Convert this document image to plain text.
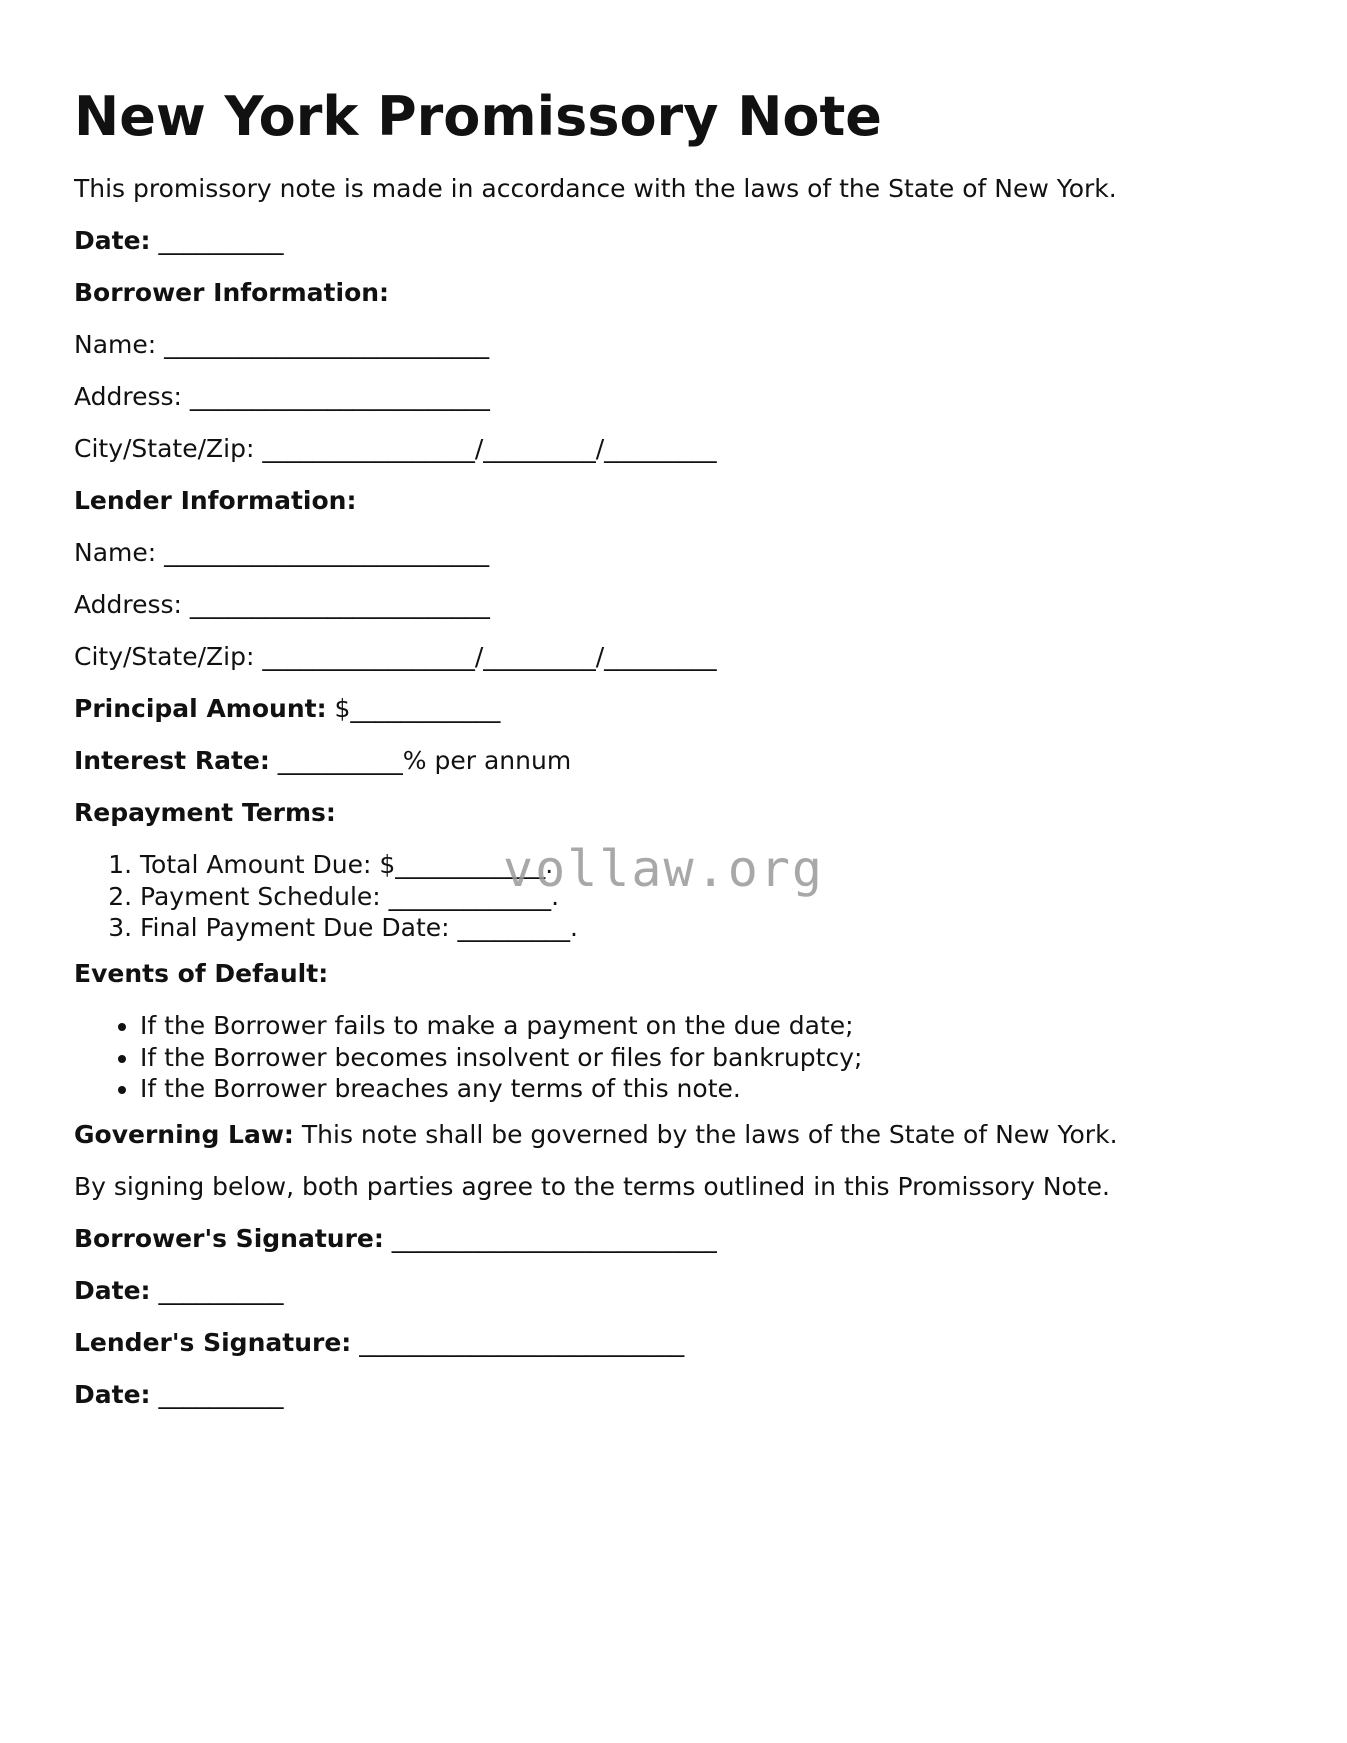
New York Promissory Note

This promissory note is made in accordance with the laws of the State of New York.

Date: __________

Borrower Information:

Name: __________________________

Address: ________________________

City/State/Zip: _________________/_________/_________

Lender Information:

Name: __________________________

Address: ________________________

City/State/Zip: _________________/_________/_________

Principal Amount: $____________

Interest Rate: __________% per annum

Repayment Terms:

1. Total Amount Due: $____________.
2. Payment Schedule: _____________.
3. Final Payment Due Date: _________.

Events of Default:

• If the Borrower fails to make a payment on the due date;
• If the Borrower becomes insolvent or files for bankruptcy;
• If the Borrower breaches any terms of this note.

Governing Law: This note shall be governed by the laws of the State of New York.

By signing below, both parties agree to the terms outlined in this Promissory Note.

Borrower's Signature: __________________________

Date: __________

Lender's Signature: __________________________

Date: __________

vollaw.org
